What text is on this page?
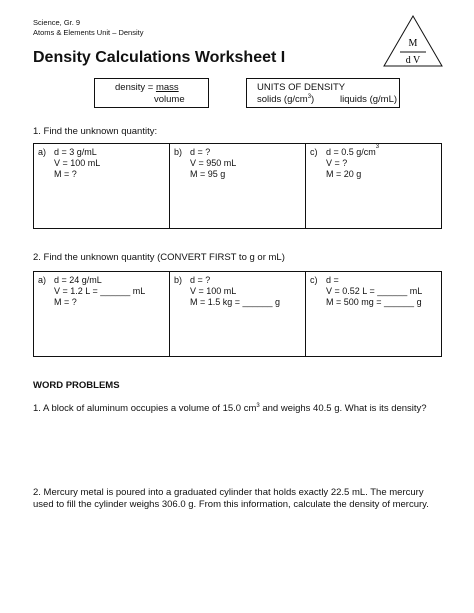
Science, Gr. 9
Atoms & Elements Unit – Density
M
d V
Density Calculations Worksheet I
density = mass
volume
UNITS OF DENSITY
solids $(g/cm^3)$	liquids (g/mL)
1. Find the unknown quantity:
a) d = 3 g/mL
V = 100 mL
M = ?
b) d = ?
V = 950 mL
M = 95 g
c) d = 0.5 g/cm 3
V = ?
M = 20 g
2. Find the unknown quantity (CONVERT FIRST to g or mL)
a) d = 24 g/mL
V = 1.2 L = ______ mL
M = ?
b) d = ?
V = 100 mL
M = 1.5 kg = ______ g
c) d =
V = 0.52 L = ______ mL
M = 500 mg = ______ g
WORD PROBLEMS
1. A block of aluminum occupies a volume of 15.0 $cm^3$ and weighs 40.5 g. What is its density?
2. Mercury metal is poured into a graduated cylinder that holds exactly 22.5 mL. The mercury
used to fill the cylinder weighs 306.0 g. From this information, calculate the density of mercury.
